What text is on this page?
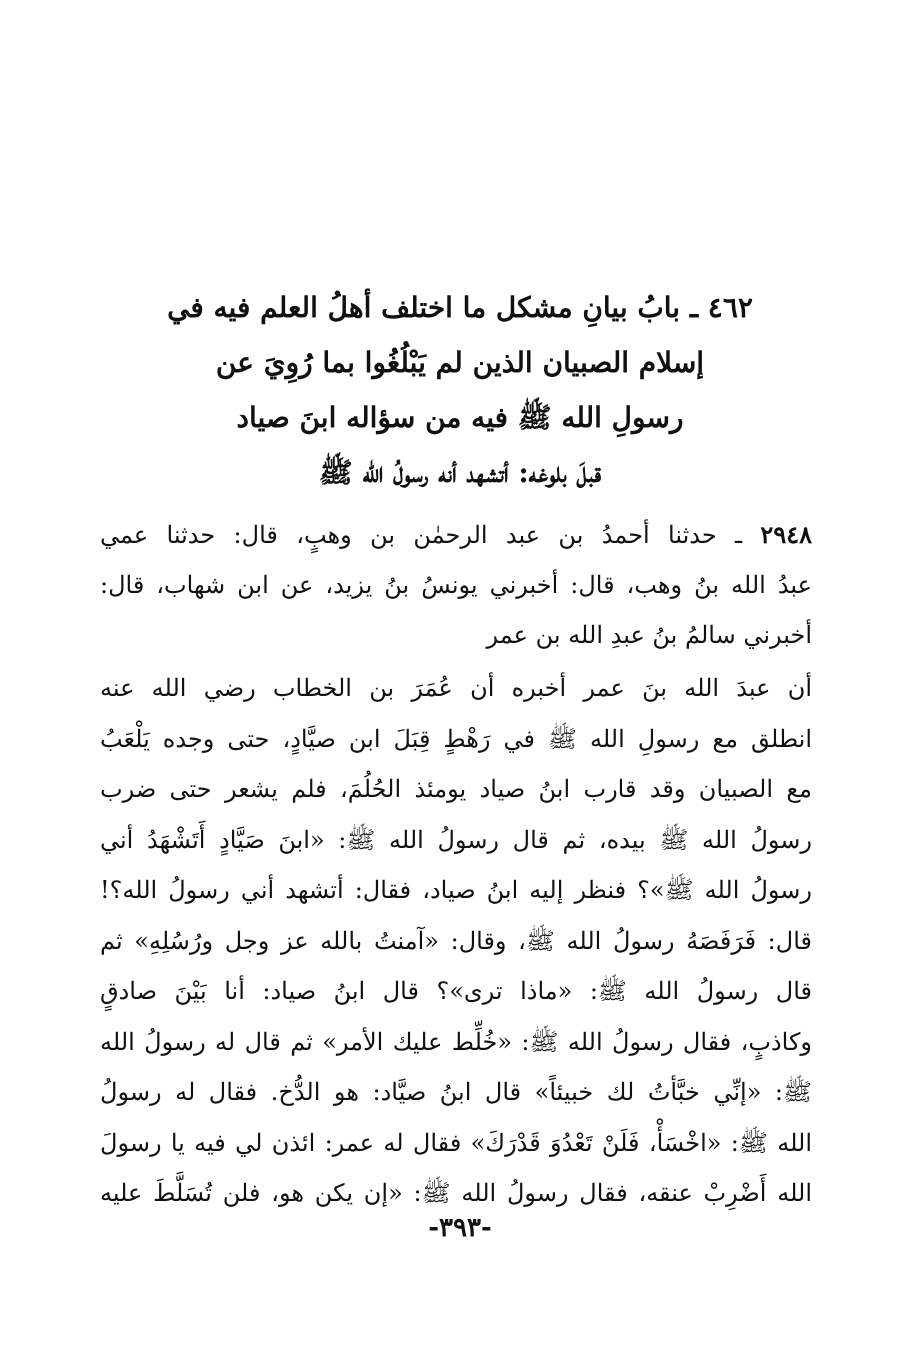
٤٦٢ ـ بابُ بيانِ مشكل ما اختلف أهلُ العلم فيه في
إسلام الصبيان الذين لم يَبْلُغُوا بما رُوِيَ عن
رسولِ الله ﷺ فيه من سؤاله ابنَ صياد
قبلَ بلوغه: أتشهد أنه رسولُ الله ﷺ
٢٩٤٨ ـ حدثنا أحمدُ بن عبد الرحمٰن بن وهبٍ، قال: حدثنا عمي
عبدُ الله بنُ وهب، قال: أخبرني يونسُ بنُ يزيد، عن ابن شهاب، قال:
أخبرني سالمُ بنُ عبدِ الله بن عمر
أن عبدَ الله بنَ عمر أخبره أن عُمَرَ بن الخطاب رضي الله عنه
انطلق مع رسولِ الله ﷺ في رَهْطٍ قِبَلَ ابن صيَّادٍ، حتى وجده يَلْعَبُ
مع الصبيان وقد قارب ابنُ صياد يومئذ الحُلُمَ، فلم يشعر حتى ضرب
رسولُ الله ﷺ بيده، ثم قال رسولُ الله ﷺ: «ابنَ صَيَّادٍ أَتَشْهَدُ أني
رسولُ الله ﷺ»؟ فنظر إليه ابنُ صياد، فقال: أتشهد أني رسولُ الله؟!
قال: فَرَفَصَهُ رسولُ الله ﷺ، وقال: «آمنتُ بالله عز وجل ورُسُلِهِ» ثم
قال رسولُ الله ﷺ: «ماذا ترى»؟ قال ابنُ صياد: أنا بَيْنَ صادقٍ
وكاذبٍ، فقال رسولُ الله ﷺ: «خُلِّط عليك الأمر» ثم قال له رسولُ الله
ﷺ: «إنِّي خبَّأتُ لك خبيئاً» قال ابنُ صيَّاد: هو الدُّخ. فقال له رسولُ
الله ﷺ: «اخْسَأْ، فَلَنْ تَعْدُوَ قَدْرَكَ» فقال له عمر: ائذن لي فيه يا رسولَ
الله أَضْرِبْ عنقه، فقال رسولُ الله ﷺ: «إن يكن هو، فلن تُسَلَّطَ عليه
-٣٩٣-
